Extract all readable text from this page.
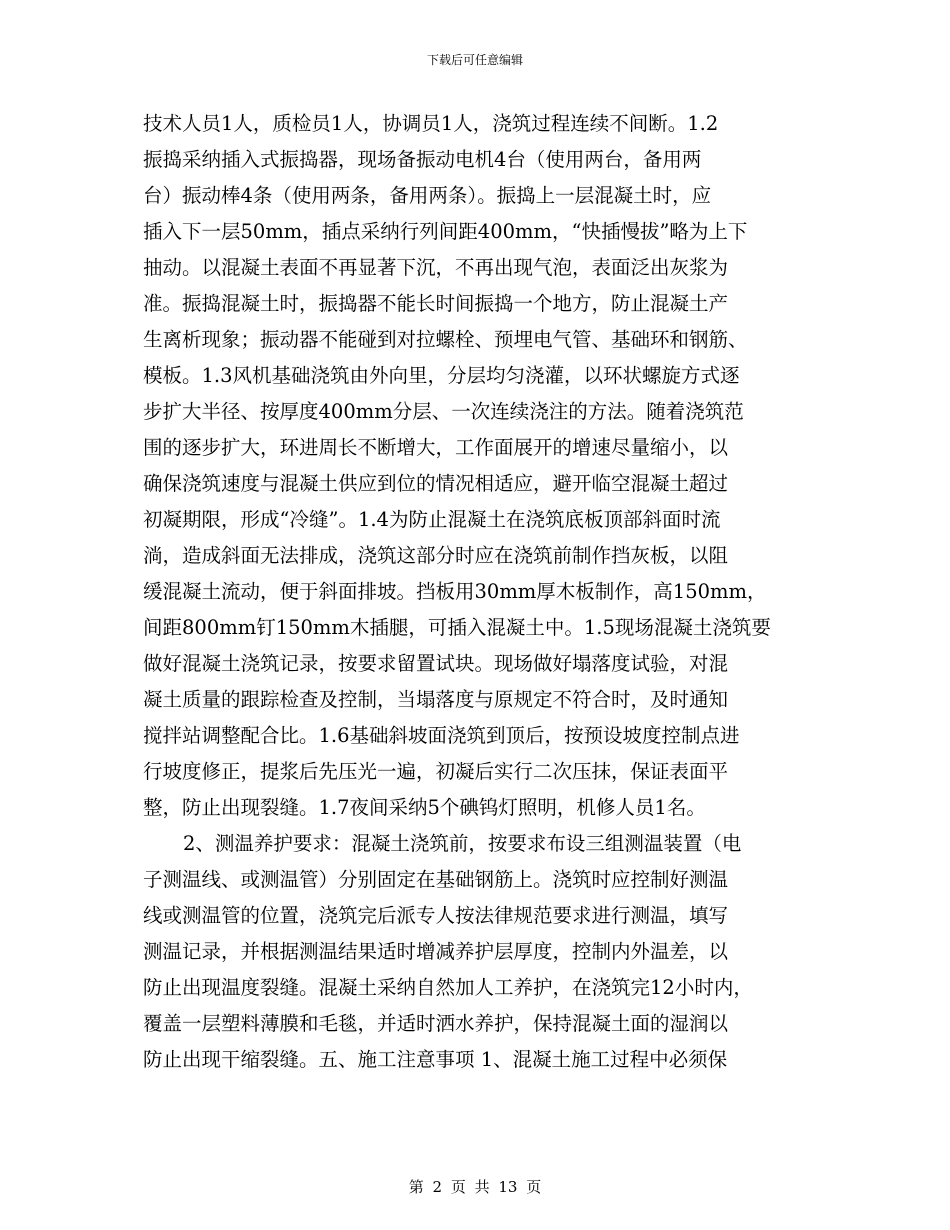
下载后可任意编辑
技术人员1人，质检员1人，协调员1人，浇筑过程连续不间断。1.2
振捣采纳插入式振捣器，现场备振动电机4台（使用两台，备用两
台）振动棒4条（使用两条，备用两条）。振捣上一层混凝土时，应
插入下一层50mm，插点采纳行列间距400mm，“快插慢拔”略为上下
抽动。以混凝土表面不再显著下沉，不再出现气泡，表面泛出灰浆为
准。振捣混凝土时，振捣器不能长时间振捣一个地方，防止混凝土产
生离析现象；振动器不能碰到对拉螺栓、预埋电气管、基础环和钢筋、
模板。1.3风机基础浇筑由外向里，分层均匀浇灌，以环状螺旋方式逐
步扩大半径、按厚度400mm分层、一次连续浇注的方法。随着浇筑范
围的逐步扩大，环进周长不断增大，工作面展开的增速尽量缩小，以
确保浇筑速度与混凝土供应到位的情况相适应，避开临空混凝土超过
初凝期限，形成“冷缝”。1.4为防止混凝土在浇筑底板顶部斜面时流
淌，造成斜面无法排成，浇筑这部分时应在浇筑前制作挡灰板，以阻
缓混凝土流动，便于斜面排坡。挡板用30mm厚木板制作，高150mm，
间距800mm钉150mm木插腿，可插入混凝土中。1.5现场混凝土浇筑要
做好混凝土浇筑记录，按要求留置试块。现场做好塌落度试验，对混
凝土质量的跟踪检查及控制，当塌落度与原规定不符合时，及时通知
搅拌站调整配合比。1.6基础斜坡面浇筑到顶后，按预设坡度控制点进
行坡度修正，提浆后先压光一遍，初凝后实行二次压抹，保证表面平
整，防止出现裂缝。1.7夜间采纳5个碘钨灯照明，机修人员1名。
2、测温养护要求：混凝土浇筑前，按要求布设三组测温装置（电
子测温线、或测温管）分别固定在基础钢筋上。浇筑时应控制好测温
线或测温管的位置，浇筑完后派专人按法律规范要求进行测温，填写
测温记录，并根据测温结果适时增减养护层厚度，控制内外温差，以
防止出现温度裂缝。混凝土采纳自然加人工养护，在浇筑完12小时内，
覆盖一层塑料薄膜和毛毯，并适时洒水养护，保持混凝土面的湿润以
防止出现干缩裂缝。五、施工注意事项 1、混凝土施工过程中必须保
第 2 页 共 13 页
